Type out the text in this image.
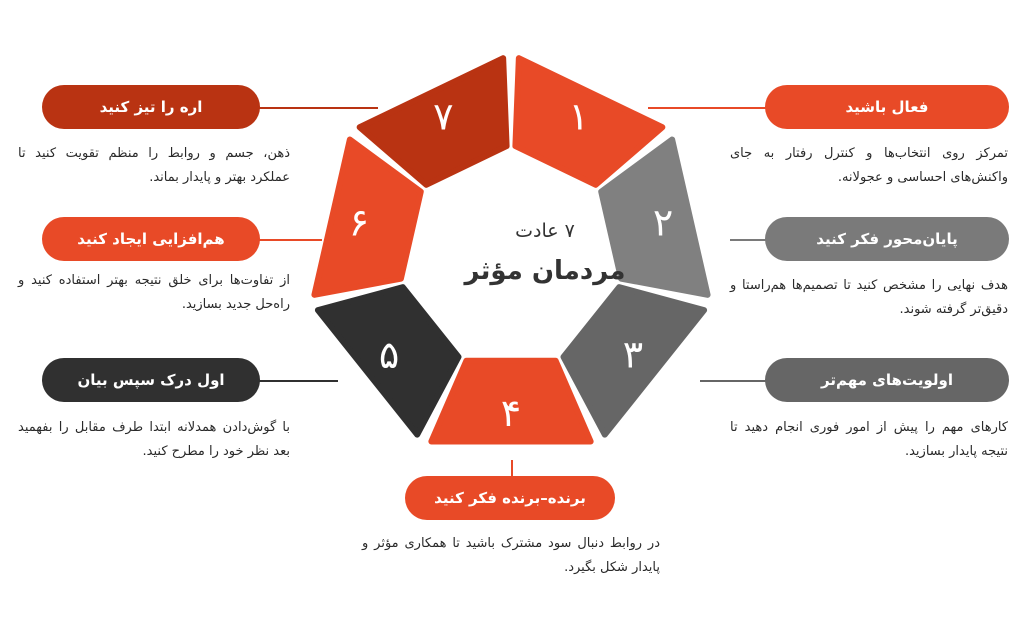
۱
۲
۳
۴
۵
۶
۷
۷ عادت
مردمان مؤثر
فعال باشید
تمرکز روی انتخاب‌ها و کنترل رفتار به جای واکنش‌های احساسی و عجولانه.
پایان‌محور فکر کنید
هدف نهایی را مشخص کنید تا تصمیم‌ها هم‌راستا و دقیق‌تر گرفته شوند.
اولویت‌های مهم‌تر
کارهای مهم را پیش از امور فوری انجام دهید تا نتیجه پایدار بسازید.
برنده–برنده فکر کنید
در روابط دنبال سود مشترک باشید تا همکاری مؤثر و پایدار شکل بگیرد.
اول درک سپس بیان
با گوش‌دادن همدلانه ابتدا طرف مقابل را بفهمید بعد نظر خود را مطرح کنید.
هم‌افزایی ایجاد کنید
از تفاوت‌ها برای خلق نتیجه بهتر استفاده کنید و راه‌حل جدید بسازید.
اره را تیز کنید
ذهن، جسم و روابط را منظم تقویت کنید تا عملکرد بهتر و پایدار بماند.
